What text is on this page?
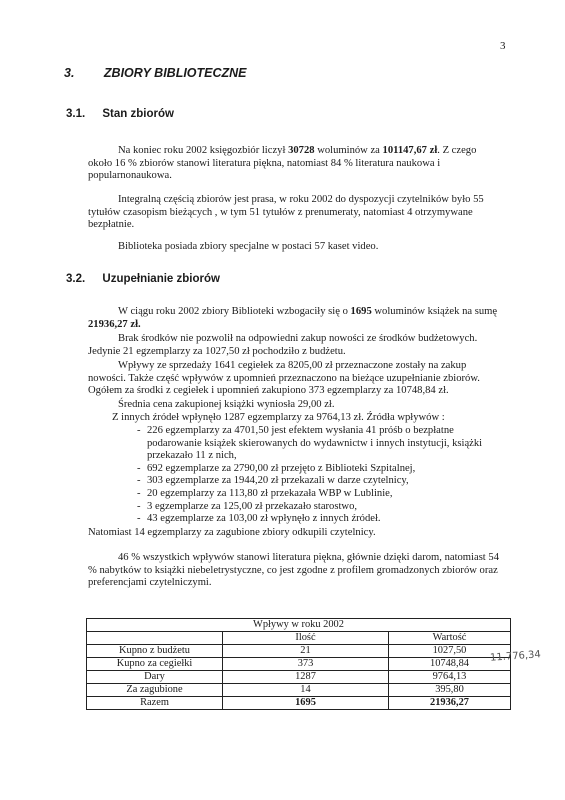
3
3. ZBIORY BIBLIOTECZNE
3.1. Stan zbiorów
Na koniec roku 2002 księgozbiór liczył 30728 woluminów za 101147,67 zł. Z czego około 16 % zbiorów stanowi literatura piękna, natomiast 84 % literatura naukowa i popularnonaukowa.
Integralną częścią zbiorów jest prasa, w roku 2002 do dyspozycji czytelników było 55 tytułów czasopism bieżących , w tym 51 tytułów z prenumeraty, natomiast 4 otrzymywane bezpłatnie.
Biblioteka posiada zbiory specjalne w postaci 57 kaset video.
3.2. Uzupełnianie zbiorów
W ciągu roku 2002 zbiory Biblioteki wzbogaciły się o 1695 woluminów książek na sumę 21936,27 zł.
Brak środków nie pozwolił na odpowiedni zakup nowości ze środków budżetowych. Jedynie 21 egzemplarzy za 1027,50 zł pochodziło z budżetu.
Wpływy ze sprzedaży 1641 cegiełek za 8205,00 zł przeznaczone zostały na zakup nowości. Także część wpływów z upomnień przeznaczono na bieżące uzupełnianie zbiorów. Ogółem za środki z cegiełek i upomnień zakupiono 373 egzemplarzy za 10748,84 zł.
Średnia cena zakupionej książki wyniosła 29,00 zł.
Z innych źródeł wpłynęło 1287 egzemplarzy za 9764,13 zł. Źródła wpływów :
- 226 egzemplarzy za 4701,50 jest efektem wysłania 41 próśb o bezpłatne podarowanie książek skierowanych do wydawnictw i innych instytucji, książki przekazało 11 z nich,
- 692 egzemplarze za 2790,00 zł przejęto z Biblioteki Szpitalnej,
- 303 egzemplarze za 1944,20 zł przekazali w darze czytelnicy,
- 20 egzemplarzy za 113,80 zł przekazała WBP w Lublinie,
- 3 egzemplarze za 125,00 zł przekazało starostwo,
- 43 egzemplarze za 103,00 zł wpłynęło z innych źródeł.
Natomiast 14 egzemplarzy za zagubione zbiory odkupili czytelnicy.
46 % wszystkich wpływów stanowi literatura piękna, głównie dzięki darom, natomiast 54 % nabytków to książki niebeletrystyczne, co jest zgodne z profilem gromadzonych zbiorów oraz preferencjami czytelniczymi.
Wpływy w roku 2002		
	Ilość	Wartość
Kupno z budżetu	21	1027,50
Kupno za cegiełki	373	10748,84
Dary	1287	9764,13
Za zagubione	14	395,80
Razem	1695	21936,27
11.776,34
